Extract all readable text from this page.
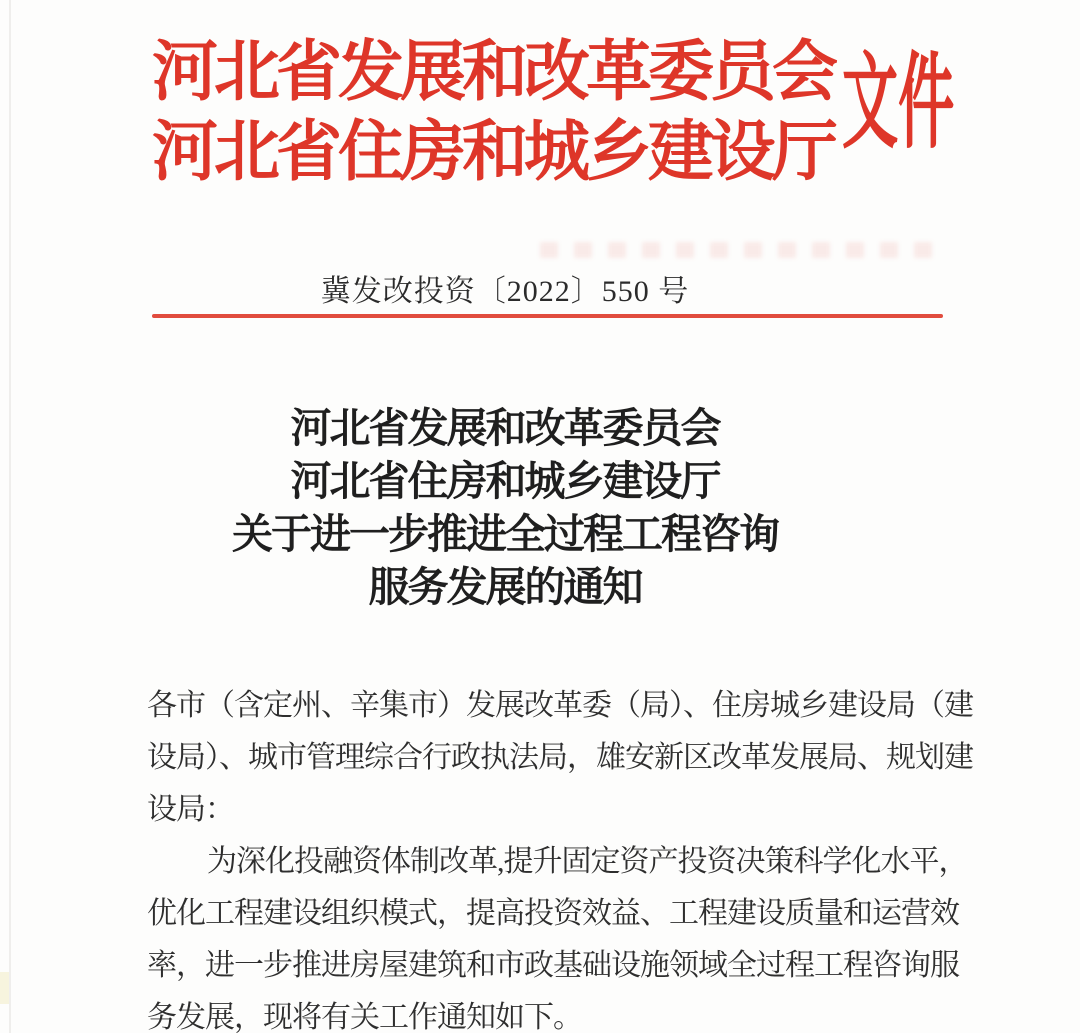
河北省发展和改革委员会
河北省住房和城乡建设厅 文件
冀发改投资〔2022〕550 号
河北省发展和改革委员会
河北省住房和城乡建设厅
关于进一步推进全过程工程咨询
服务发展的通知
各市（含定州、辛集市）发展改革委（局）、住房城乡建设局（建
设局）、城市管理综合行政执法局，雄安新区改革发展局、规划建
设局：
为深化投融资体制改革,提升固定资产投资决策科学化水平，
优化工程建设组织模式，提高投资效益、工程建设质量和运营效
率，进一步推进房屋建筑和市政基础设施领域全过程工程咨询服
务发展，现将有关工作通知如下。
